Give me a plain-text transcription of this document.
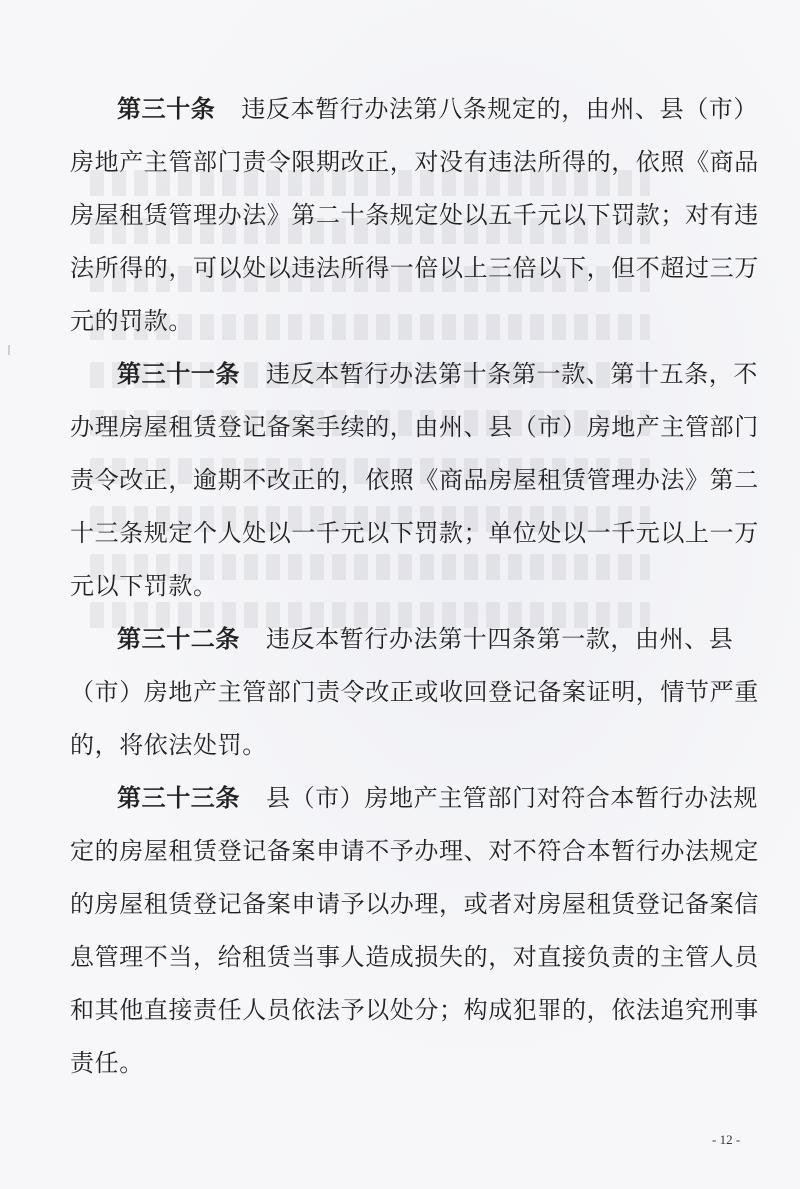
第三十条 违反本暂行办法第八条规定的，由州、县（市）
房地产主管部门责令限期改正，对没有违法所得的，依照《商品
房屋租赁管理办法》第二十条规定处以五千元以下罚款；对有违
法所得的，可以处以违法所得一倍以上三倍以下，但不超过三万
元的罚款。
第三十一条 违反本暂行办法第十条第一款、第十五条，不
办理房屋租赁登记备案手续的，由州、县（市）房地产主管部门
责令改正，逾期不改正的，依照《商品房屋租赁管理办法》第二
十三条规定个人处以一千元以下罚款；单位处以一千元以上一万
元以下罚款。
第三十二条 违反本暂行办法第十四条第一款，由州、县
（市）房地产主管部门责令改正或收回登记备案证明，情节严重
的，将依法处罚。
第三十三条 县（市）房地产主管部门对符合本暂行办法规
定的房屋租赁登记备案申请不予办理、对不符合本暂行办法规定
的房屋租赁登记备案申请予以办理，或者对房屋租赁登记备案信
息管理不当，给租赁当事人造成损失的，对直接负责的主管人员
和其他直接责任人员依法予以处分；构成犯罪的，依法追究刑事
责任。
- 12 -
